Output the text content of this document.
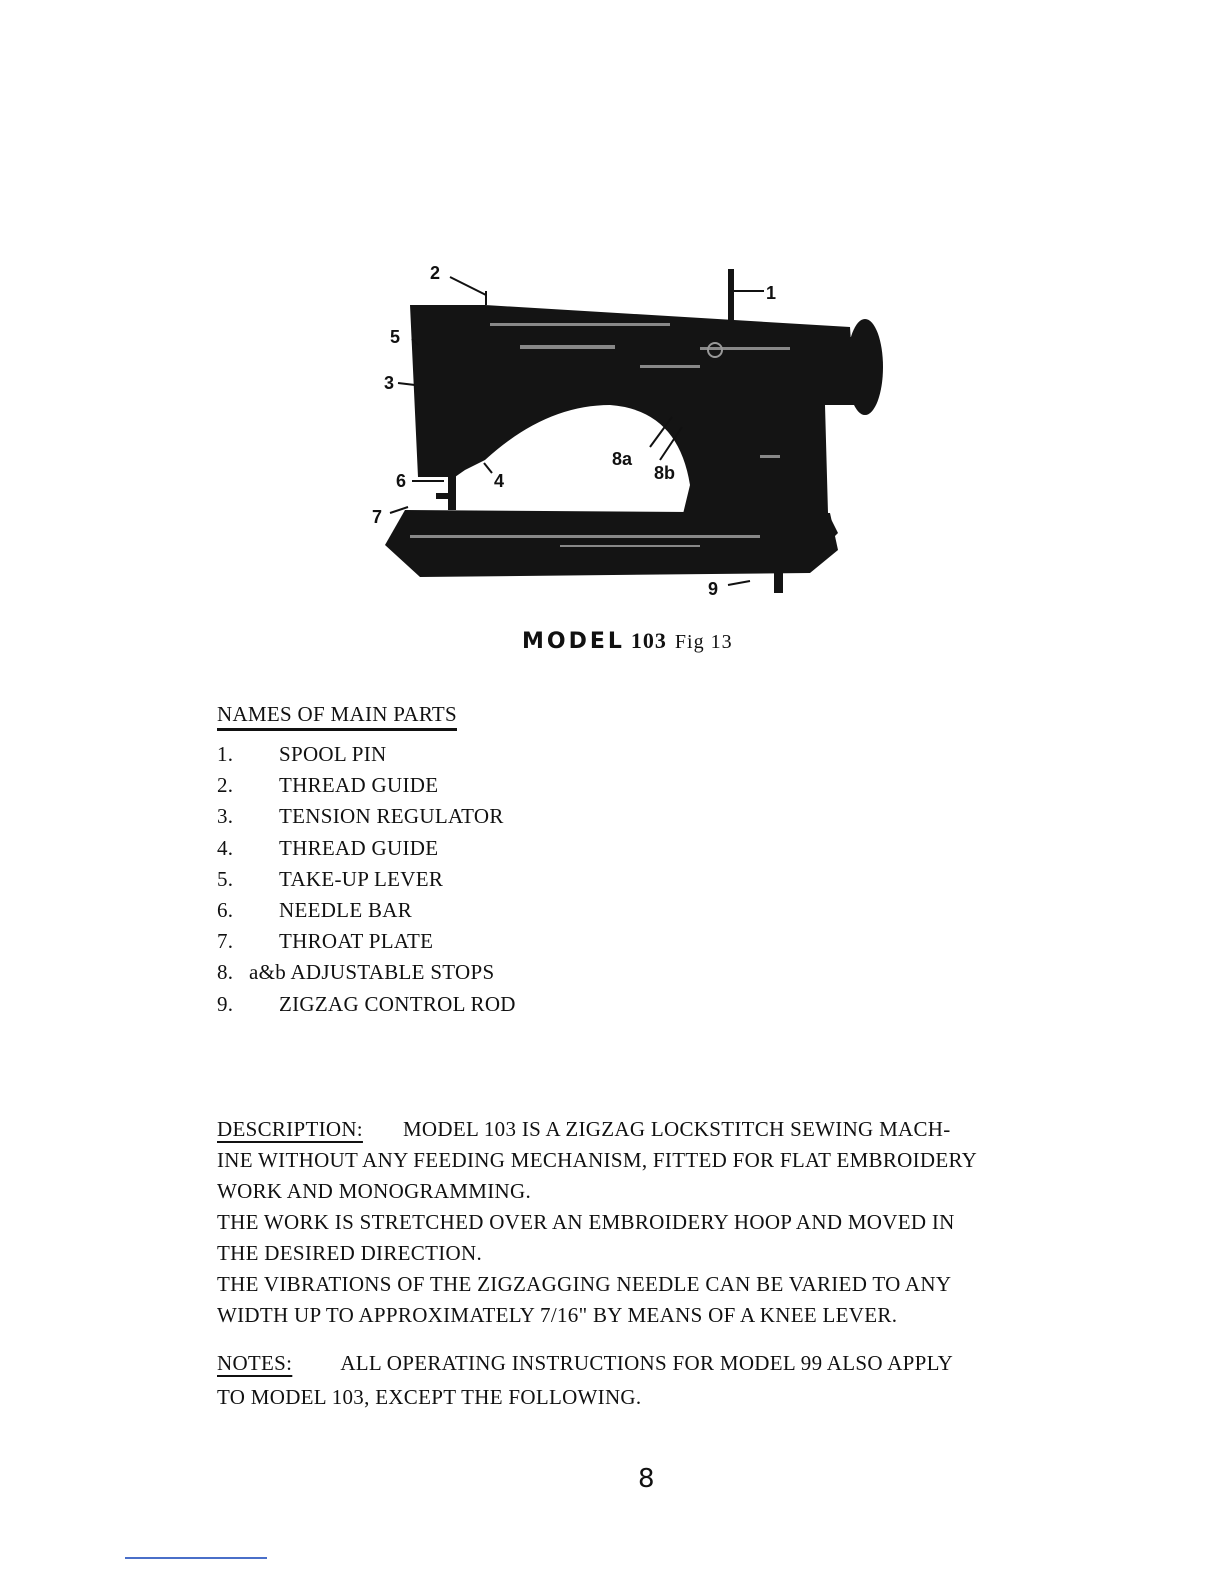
2
1
5
3
6	4
8a
8b
7
9
MODEL 103 Fig 13
NAMES OF MAIN PARTS
1.	SPOOL PIN
2.	THREAD GUIDE
3.	TENSION REGULATOR
4.	THREAD GUIDE
5.	TAKE-UP LEVER
6.	NEEDLE BAR
7.	THROAT PLATE
8. a&b ADJUSTABLE STOPS
9.	ZIGZAG CONTROL ROD
DESCRIPTION: MODEL 103 IS A ZIGZAG LOCKSTITCH SEWING MACH-
INE WITHOUT ANY FEEDING MECHANISM, FITTED FOR FLAT EMBROIDERY
WORK AND MONOGRAMMING.
THE WORK IS STRETCHED OVER AN EMBROIDERY HOOP AND MOVED IN
THE DESIRED DIRECTION.
THE VIBRATIONS OF THE ZIGZAGGING NEEDLE CAN BE VARIED TO ANY
WIDTH UP TO APPROXIMATELY 7/16" BY MEANS OF A KNEE LEVER.
NOTES: ALL OPERATING INSTRUCTIONS FOR MODEL 99 ALSO APPLY
TO MODEL 103, EXCEPT THE FOLLOWING.
8
